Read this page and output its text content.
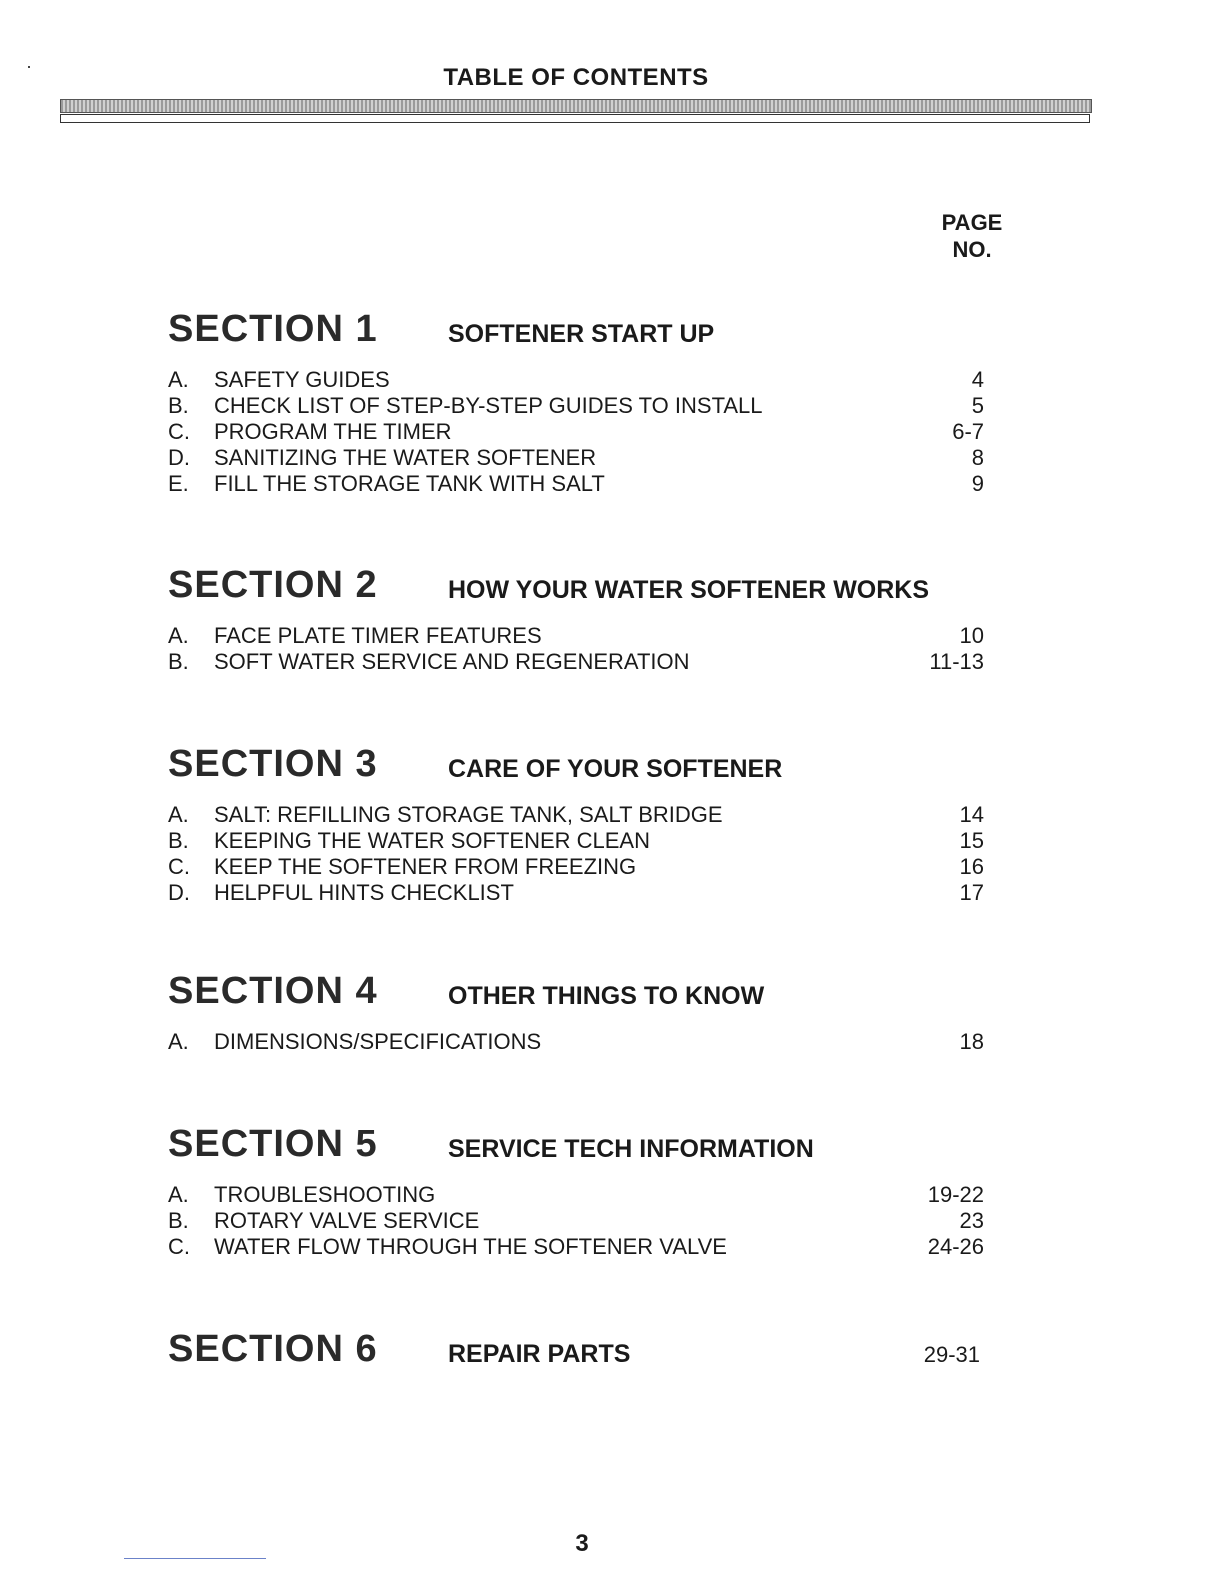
TABLE OF CONTENTS
PAGE
NO.
SECTION 1	SOFTENER START UP
A. SAFETY GUIDES	4
B. CHECK LIST OF STEP-BY-STEP GUIDES TO INSTALL	5
C. PROGRAM THE TIMER	6-7
D. SANITIZING THE WATER SOFTENER	8
E. FILL THE STORAGE TANK WITH SALT	9
SECTION 2	HOW YOUR WATER SOFTENER WORKS
A. FACE PLATE TIMER FEATURES	10
B. SOFT WATER SERVICE AND REGENERATION	11-13
SECTION 3	CARE OF YOUR SOFTENER
A. SALT: REFILLING STORAGE TANK, SALT BRIDGE	14
B. KEEPING THE WATER SOFTENER CLEAN	15
C. KEEP THE SOFTENER FROM FREEZING	16
D. HELPFUL HINTS CHECKLIST	17
SECTION 4	OTHER THINGS TO KNOW
A. DIMENSIONS/SPECIFICATIONS	18
SECTION 5	SERVICE TECH INFORMATION
A. TROUBLESHOOTING	19-22
B. ROTARY VALVE SERVICE	23
C. WATER FLOW THROUGH THE SOFTENER VALVE	24-26
SECTION 6	REPAIR PARTS	29-31
3
